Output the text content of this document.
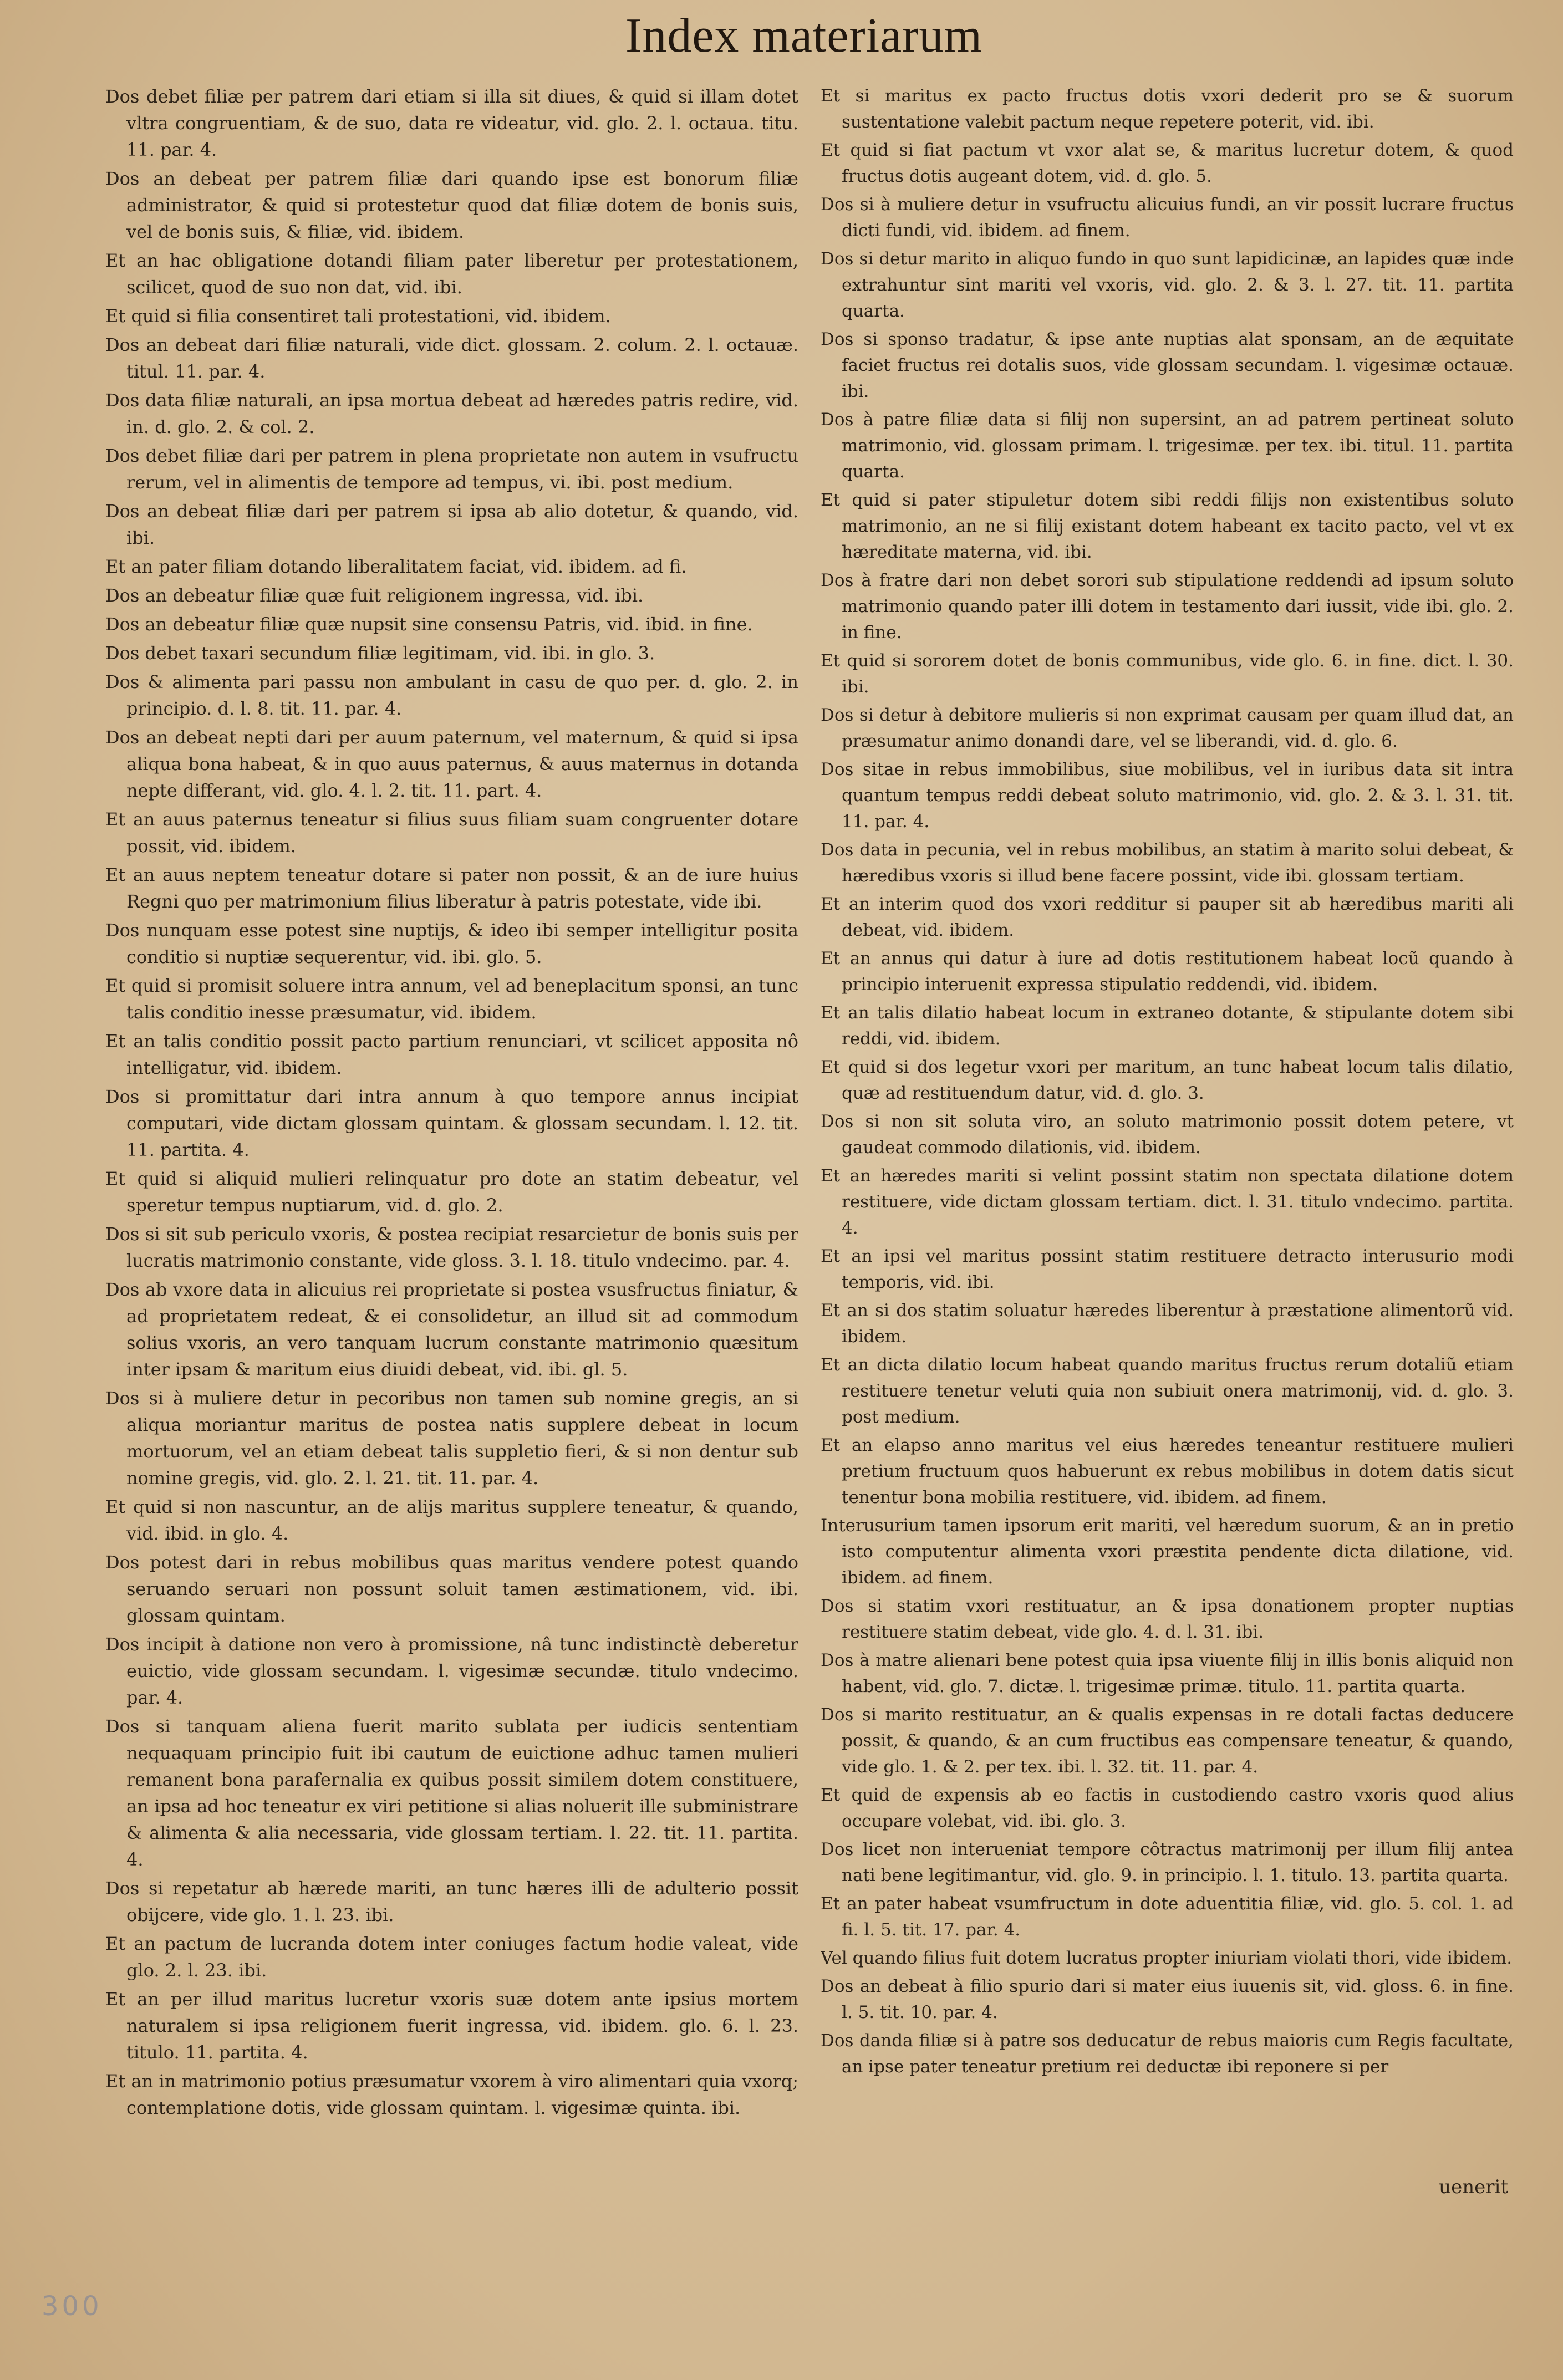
Index materiarum

Dos debet filiæ per patrem dari etiam si illa sit diues, & quid si illam dotet vltra congruentiam, & de suo, data re videatur, vid. glo. 2. l. octaua. titu. 11. par. 4.

Dos an debeat per patrem filiæ dari quando ipse est bonorum filiæ administrator, & quid si protestetur quod dat filiæ dotem de bonis suis, vel de bonis suis, & filiæ, vid. ibidem.

Et an hac obligatione dotandi filiam pater liberetur per protestationem, scilicet, quod de suo non dat, vid. ibi.

Et quid si filia consentiret tali protestationi, vid. ibidem.

Dos an debeat dari filiæ naturali, vide dict. glossam. 2. colum. 2. l. octauæ. titul. 11. par. 4.

Dos data filiæ naturali, an ipsa mortua debeat ad hæredes patris redire, vid. in. d. glo. 2. & col. 2.

Dos debet filiæ dari per patrem in plena proprietate non autem in vsufructu rerum, vel in alimentis de tempore ad tempus, vi. ibi. post medium.

Dos an debeat filiæ dari per patrem si ipsa ab alio dotetur, & quando, vid. ibi.

Et an pater filiam dotando liberalitatem faciat, vid. ibidem. ad fi.

Dos an debeatur filiæ quæ fuit religionem ingressa, vid. ibi.

Dos an debeatur filiæ quæ nupsit sine consensu Patris, vid. ibid. in fine.

Dos debet taxari secundum filiæ legitimam, vid. ibi. in glo. 3.

Dos & alimenta pari passu non ambulant in casu de quo per. d. glo. 2. in principio. d. l. 8. tit. 11. par. 4.

Dos an debeat nepti dari per auum paternum, vel maternum, & quid si ipsa aliqua bona habeat, & in quo auus paternus, & auus maternus in dotanda nepte differant, vid. glo. 4. l. 2. tit. 11. part. 4.

Et an auus paternus teneatur si filius suus filiam suam congruenter dotare possit, vid. ibidem.

Et an auus neptem teneatur dotare si pater non possit, & an de iure huius Regni quo per matrimonium filius liberatur à patris potestate, vide ibi.

Dos nunquam esse potest sine nuptijs, & ideo ibi semper intelligitur posita conditio si nuptiæ sequerentur, vid. ibi. glo. 5.

Et quid si promisit soluere intra annum, vel ad beneplacitum sponsi, an tunc talis conditio inesse præsumatur, vid. ibidem.

Et an talis conditio possit pacto partium renunciari, vt scilicet apposita nô intelligatur, vid. ibidem.

Dos si promittatur dari intra annum à quo tempore annus incipiat computari, vide dictam glossam quintam. & glossam secundam. l. 12. tit. 11. partita. 4.

Et quid si aliquid mulieri relinquatur pro dote an statim debeatur, vel speretur tempus nuptiarum, vid. d. glo. 2.

Dos si sit sub periculo vxoris, & postea recipiat resarcietur de bonis suis per lucratis matrimonio constante, vide gloss. 3. l. 18. titulo vndecimo. par. 4.

Dos ab vxore data in alicuius rei proprietate si postea vsusfructus finiatur, & ad proprietatem redeat, & ei consolidetur, an illud sit ad commodum solius vxoris, an vero tanquam lucrum constante matrimonio quæsitum inter ipsam & maritum eius diuidi debeat, vid. ibi. gl. 5.

Dos si à muliere detur in pecoribus non tamen sub nomine gregis, an si aliqua moriantur maritus de postea natis supplere debeat in locum mortuorum, vel an etiam debeat talis suppletio fieri, & si non dentur sub nomine gregis, vid. glo. 2. l. 21. tit. 11. par. 4.

Et quid si non nascuntur, an de alijs maritus supplere teneatur, & quando, vid. ibid. in glo. 4.

Dos potest dari in rebus mobilibus quas maritus vendere potest quando seruando seruari non possunt soluit tamen æstimationem, vid. ibi. glossam quintam.

Dos incipit à datione non vero à promissione, nâ tunc indistinctè deberetur euictio, vide glossam secundam. l. vigesimæ secundæ. titulo vndecimo. par. 4.

Dos si tanquam aliena fuerit marito sublata per iudicis sententiam nequaquam principio fuit ibi cautum de euictione adhuc tamen mulieri remanent bona parafernalia ex quibus possit similem dotem constituere, an ipsa ad hoc teneatur ex viri petitione si alias noluerit ille subministrare & alimenta & alia necessaria, vide glossam tertiam. l. 22. tit. 11. partita. 4.

Dos si repetatur ab hærede mariti, an tunc hæres illi de adulterio possit obijcere, vide glo. 1. l. 23. ibi.

Et an pactum de lucranda dotem inter coniuges factum hodie valeat, vide glo. 2. l. 23. ibi.

Et an per illud maritus lucretur vxoris suæ dotem ante ipsius mortem naturalem si ipsa religionem fuerit ingressa, vid. ibidem. glo. 6. l. 23. titulo. 11. partita. 4.

Et an in matrimonio potius præsumatur vxorem à viro alimentari quia vxorq; contemplatione dotis, vide glossam quintam. l. vigesimæ quinta. ibi.

Et si maritus ex pacto fructus dotis vxori dederit pro se & suorum sustentatione valebit pactum neque repetere poterit, vid. ibi.

Et quid si fiat pactum vt vxor alat se, & maritus lucretur dotem, & quod fructus dotis augeant dotem, vid. d. glo. 5.

Dos si à muliere detur in vsufructu alicuius fundi, an vir possit lucrare fructus dicti fundi, vid. ibidem. ad finem.

Dos si detur marito in aliquo fundo in quo sunt lapidicinæ, an lapides quæ inde extrahuntur sint mariti vel vxoris, vid. glo. 2. & 3. l. 27. tit. 11. partita quarta.

Dos si sponso tradatur, & ipse ante nuptias alat sponsam, an de æquitate faciet fructus rei dotalis suos, vide glossam secundam. l. vigesimæ octauæ. ibi.

Dos à patre filiæ data si filij non supersint, an ad patrem pertineat soluto matrimonio, vid. glossam primam. l. trigesimæ. per tex. ibi. titul. 11. partita quarta.

Et quid si pater stipuletur dotem sibi reddi filijs non existentibus soluto matrimonio, an ne si filij existant dotem habeant ex tacito pacto, vel vt ex hæreditate materna, vid. ibi.

Dos à fratre dari non debet sorori sub stipulatione reddendi ad ipsum soluto matrimonio quando pater illi dotem in testamento dari iussit, vide ibi. glo. 2. in fine.

Et quid si sororem dotet de bonis communibus, vide glo. 6. in fine. dict. l. 30. ibi.

Dos si detur à debitore mulieris si non exprimat causam per quam illud dat, an præsumatur animo donandi dare, vel se liberandi, vid. d. glo. 6.

Dos sitae in rebus immobilibus, siue mobilibus, vel in iuribus data sit intra quantum tempus reddi debeat soluto matrimonio, vid. glo. 2. & 3. l. 31. tit. 11. par. 4.

Dos data in pecunia, vel in rebus mobilibus, an statim à marito solui debeat, & hæredibus vxoris si illud bene facere possint, vide ibi. glossam tertiam.

Et an interim quod dos vxori redditur si pauper sit ab hæredibus mariti ali debeat, vid. ibidem.

Et an annus qui datur à iure ad dotis restitutionem habeat locũ quando à principio interuenit expressa stipulatio reddendi, vid. ibidem.

Et an talis dilatio habeat locum in extraneo dotante, & stipulante dotem sibi reddi, vid. ibidem.

Et quid si dos legetur vxori per maritum, an tunc habeat locum talis dilatio, quæ ad restituendum datur, vid. d. glo. 3.

Dos si non sit soluta viro, an soluto matrimonio possit dotem petere, vt gaudeat commodo dilationis, vid. ibidem.

Et an hæredes mariti si velint possint statim non spectata dilatione dotem restituere, vide dictam glossam tertiam. dict. l. 31. titulo vndecimo. partita. 4.

Et an ipsi vel maritus possint statim restituere detracto interusurio modi temporis, vid. ibi.

Et an si dos statim soluatur hæredes liberentur à præstatione alimentorũ vid. ibidem.

Et an dicta dilatio locum habeat quando maritus fructus rerum dotaliũ etiam restituere tenetur veluti quia non subiuit onera matrimonij, vid. d. glo. 3. post medium.

Et an elapso anno maritus vel eius hæredes teneantur restituere mulieri pretium fructuum quos habuerunt ex rebus mobilibus in dotem datis sicut tenentur bona mobilia restituere, vid. ibidem. ad finem.

Interusurium tamen ipsorum erit mariti, vel hæredum suorum, & an in pretio isto computentur alimenta vxori præstita pendente dicta dilatione, vid. ibidem. ad finem.

Dos si statim vxori restituatur, an & ipsa donationem propter nuptias restituere statim debeat, vide glo. 4. d. l. 31. ibi.

Dos à matre alienari bene potest quia ipsa viuente filij in illis bonis aliquid non habent, vid. glo. 7. dictæ. l. trigesimæ primæ. titulo. 11. partita quarta.

Dos si marito restituatur, an & qualis expensas in re dotali factas deducere possit, & quando, & an cum fructibus eas compensare teneatur, & quando, vide glo. 1. & 2. per tex. ibi. l. 32. tit. 11. par. 4.

Et quid de expensis ab eo factis in custodiendo castro vxoris quod alius occupare volebat, vid. ibi. glo. 3.

Dos licet non interueniat tempore côtractus matrimonij per illum filij antea nati bene legitimantur, vid. glo. 9. in principio. l. 1. titulo. 13. partita quarta.

Et an pater habeat vsumfructum in dote aduentitia filiæ, vid. glo. 5. col. 1. ad fi. l. 5. tit. 17. par. 4.

Vel quando filius fuit dotem lucratus propter iniuriam violati thori, vide ibidem.

Dos an debeat à filio spurio dari si mater eius iuuenis sit, vid. gloss. 6. in fine. l. 5. tit. 10. par. 4.

Dos danda filiæ si à patre sos deducatur de rebus maioris cum Regis facultate, an ipse pater teneatur pretium rei deductæ ibi reponere si per

uenerit
300
